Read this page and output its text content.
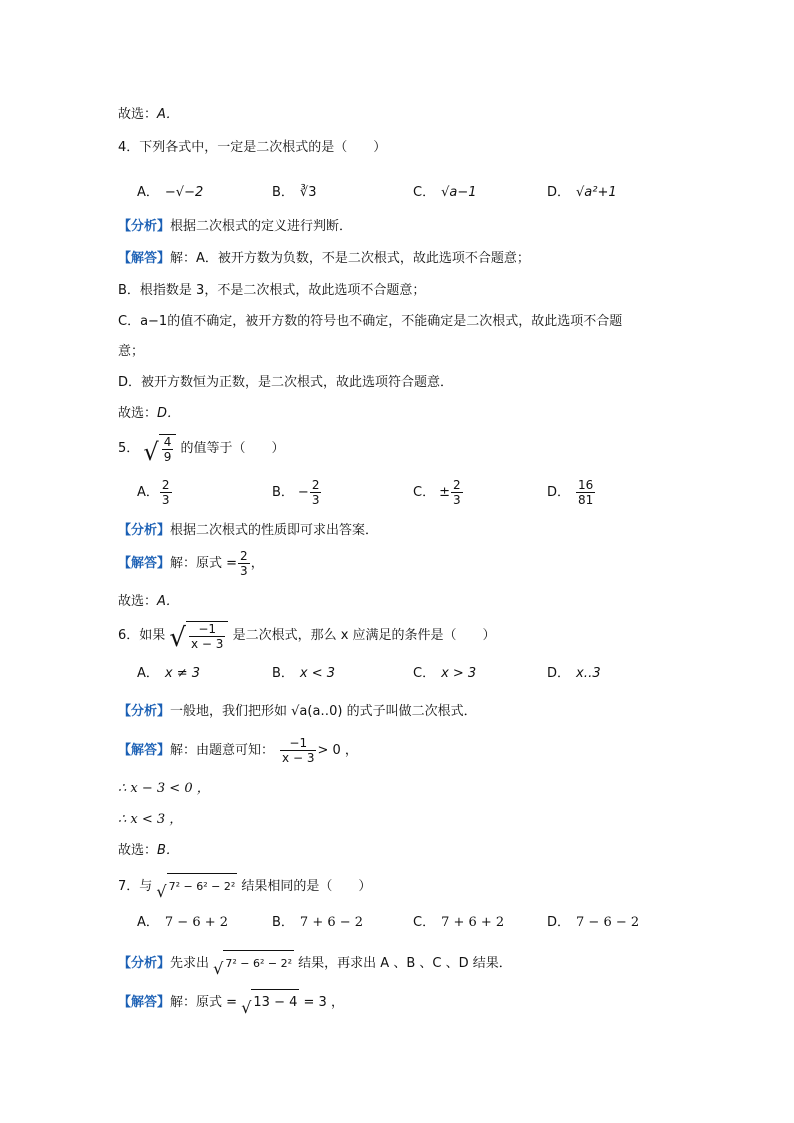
故选：A．
4．下列各式中，一定是二次根式的是（　　）
A． −√−2	B． ∛3	C． √a−1	D． √a²+1
【分析】根据二次根式的定义进行判断．
【解答】解：A．被开方数为负数，不是二次根式，故此选项不合题意；
B．根指数是 3，不是二次根式，故此选项不合题意；
C．a−1的值不确定，被开方数的符号也不确定，不能确定是二次根式，故此选项不合题
意；
D．被开方数恒为正数，是二次根式，故此选项符合题意．
故选：D．
5． √ $\frac{4}{9}$ 的值等于（　　）
A． $\frac{2}{3}$	B． − $\frac{2}{3}$	C． ± $\frac{2}{3}$	D． $\frac{16}{81}$
【分析】根据二次根式的性质即可求出答案．
【解答】解：原式 = $\frac{2}{3}$ ，
故选：A．
6．如果 √ $\frac{-1}{x - 3}$ 是二次根式，那么 x 应满足的条件是（　　）
A． x ≠ 3	B． x < 3	C． x > 3	D． x‥3
【分析】一般地，我们把形如 √a(a‥0) 的式子叫做二次根式．
【解答】解：由题意可知： $\frac{-1}{x - 3} > 0$ ，
∴ x − 3 < 0 ，
∴ x < 3 ，
故选：B．
7．与 √ 7² − 6² − 2² 结果相同的是（　　）
A． 7 − 6 + 2	B． 7 + 6 − 2	C． 7 + 6 + 2	D． 7 − 6 − 2
【分析】先求出 √ 7² − 6² − 2² 结果，再求出 A 、B 、C 、D 结果．
【解答】解：原式 = √ 13 − 4 = 3 ，
